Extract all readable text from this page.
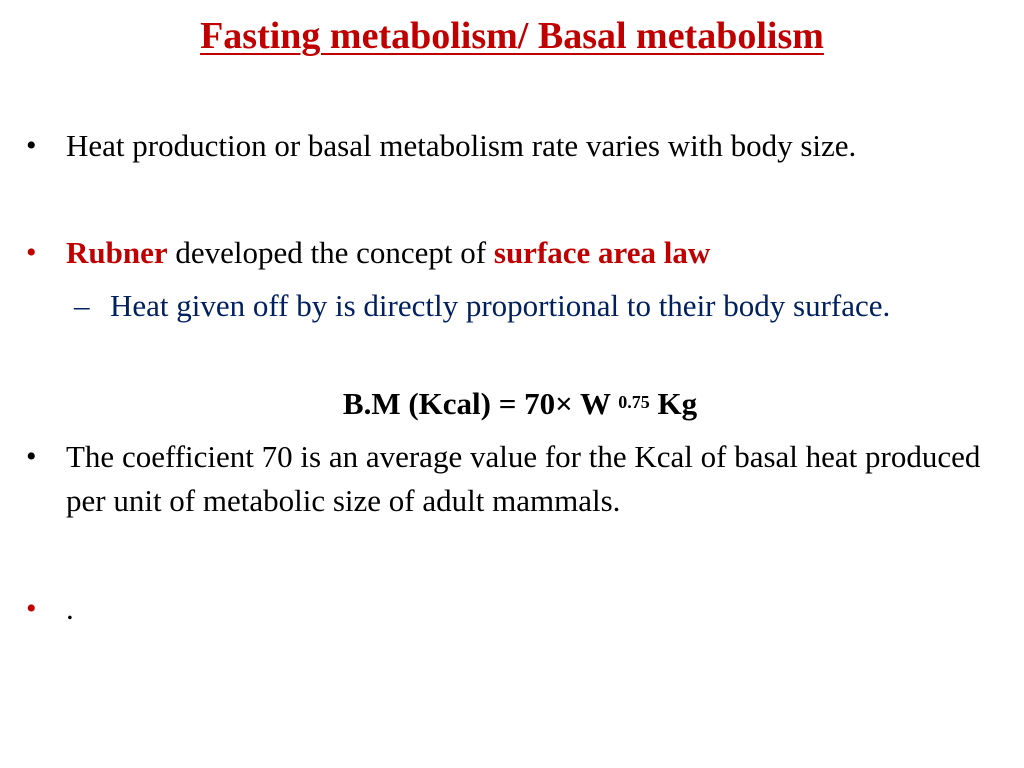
Fasting metabolism/ Basal metabolism
• Heat production or basal metabolism rate varies with body size.
• Rubner developed the concept of surface area law
– Heat given off by is directly proportional to their body surface.
B.M (Kcal) = 70× W $^{0.75}$ Kg
• The coefficient 70 is an average value for the Kcal of basal heat produced per unit of metabolic size of adult mammals.
• .
